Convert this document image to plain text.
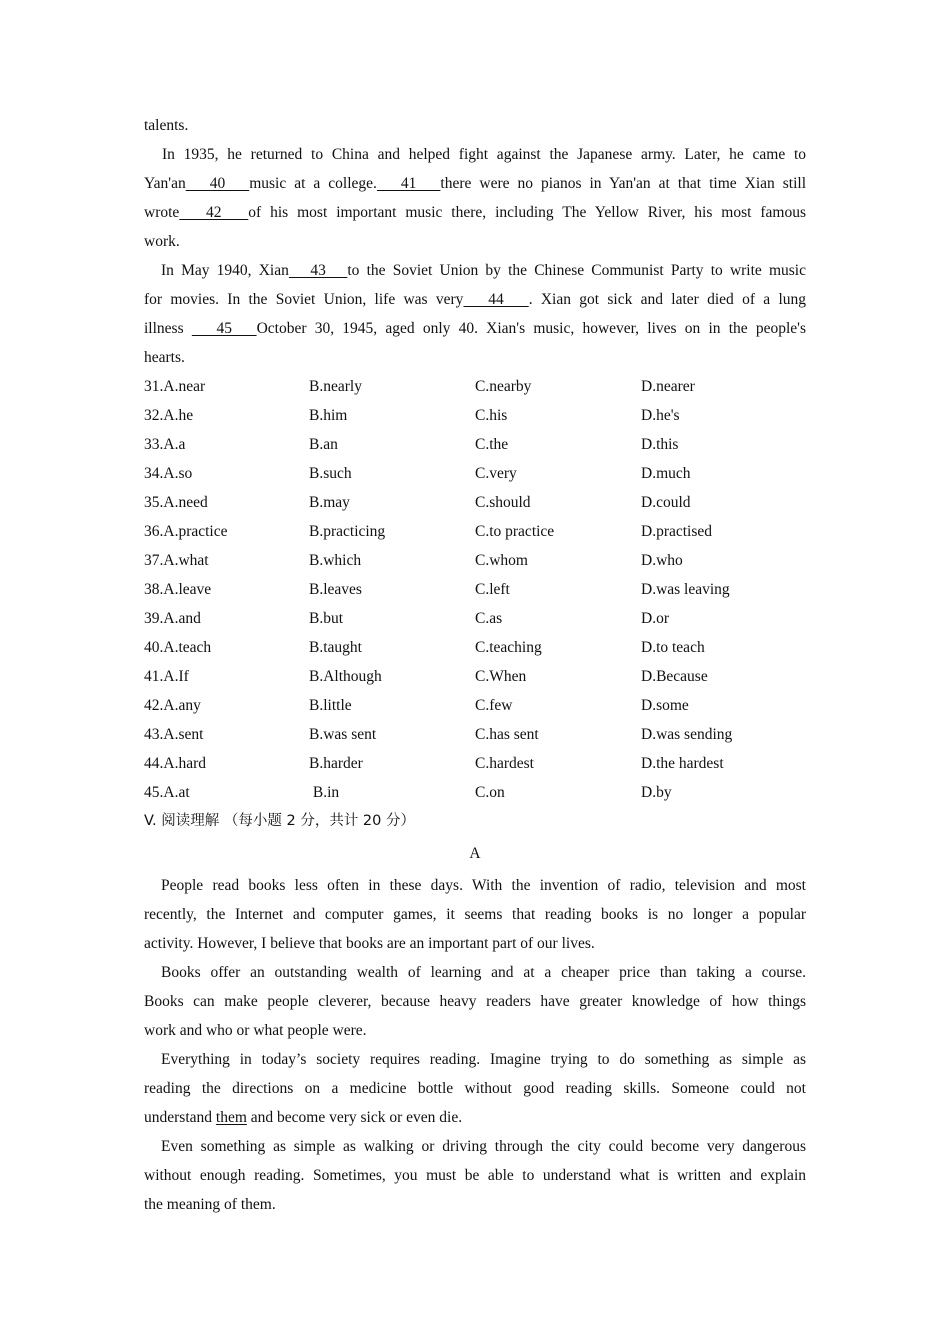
talents.
In 1935, he returned to China and helped fight against the Japanese army. Later, he came to
Yan'an   40   music at a college.   41   there were no pianos in Yan'an at that time Xian still
wrote   42   of his most important music there, including The Yellow River, his most famous
work.
In May 1940, Xian   43   to the Soviet Union by the Chinese Communist Party to write music
for movies. In the Soviet Union, life was very   44   . Xian got sick and later died of a lung
illness    45   October 30, 1945, aged only 40. Xian's music, however, lives on in the people's
hearts.
31.A.near	B.nearly	C.nearby	D.nearer
32.A.he	B.him	C.his	D.he's
33.A.a	B.an	C.the	D.this
34.A.so	B.such	C.very	D.much
35.A.need	B.may	C.should	D.could
36.A.practice	B.practicing	C.to practice	D.practised
37.A.what	B.which	C.whom	D.who
38.A.leave	B.leaves	C.left	D.was leaving
39.A.and	B.but	C.as	D.or
40.A.teach	B.taught	C.teaching	D.to teach
41.A.If	B.Although	C.When	D.Because
42.A.any	B.little	C.few	D.some
43.A.sent	B.was sent	C.has sent	D.was sending
44.A.hard	B.harder	C.hardest	D.the hardest
45.A.at	B.in	C.on	D.by
V. 阅读理解 （每小题 2 分，共计 20 分）
A
People read books less often in these days. With the invention of radio, television and most
recently, the Internet and computer games, it seems that reading books is no longer a popular
activity. However, I believe that books are an important part of our lives.
Books offer an outstanding wealth of learning and at a cheaper price than taking a course.
Books can make people cleverer, because heavy readers have greater knowledge of how things
work and who or what people were.
Everything in today’s society requires reading. Imagine trying to do something as simple as
reading the directions on a medicine bottle without good reading skills. Someone could not
understand them and become very sick or even die.
Even something as simple as walking or driving through the city could become very dangerous
without enough reading. Sometimes, you must be able to understand what is written and explain
the meaning of them.
